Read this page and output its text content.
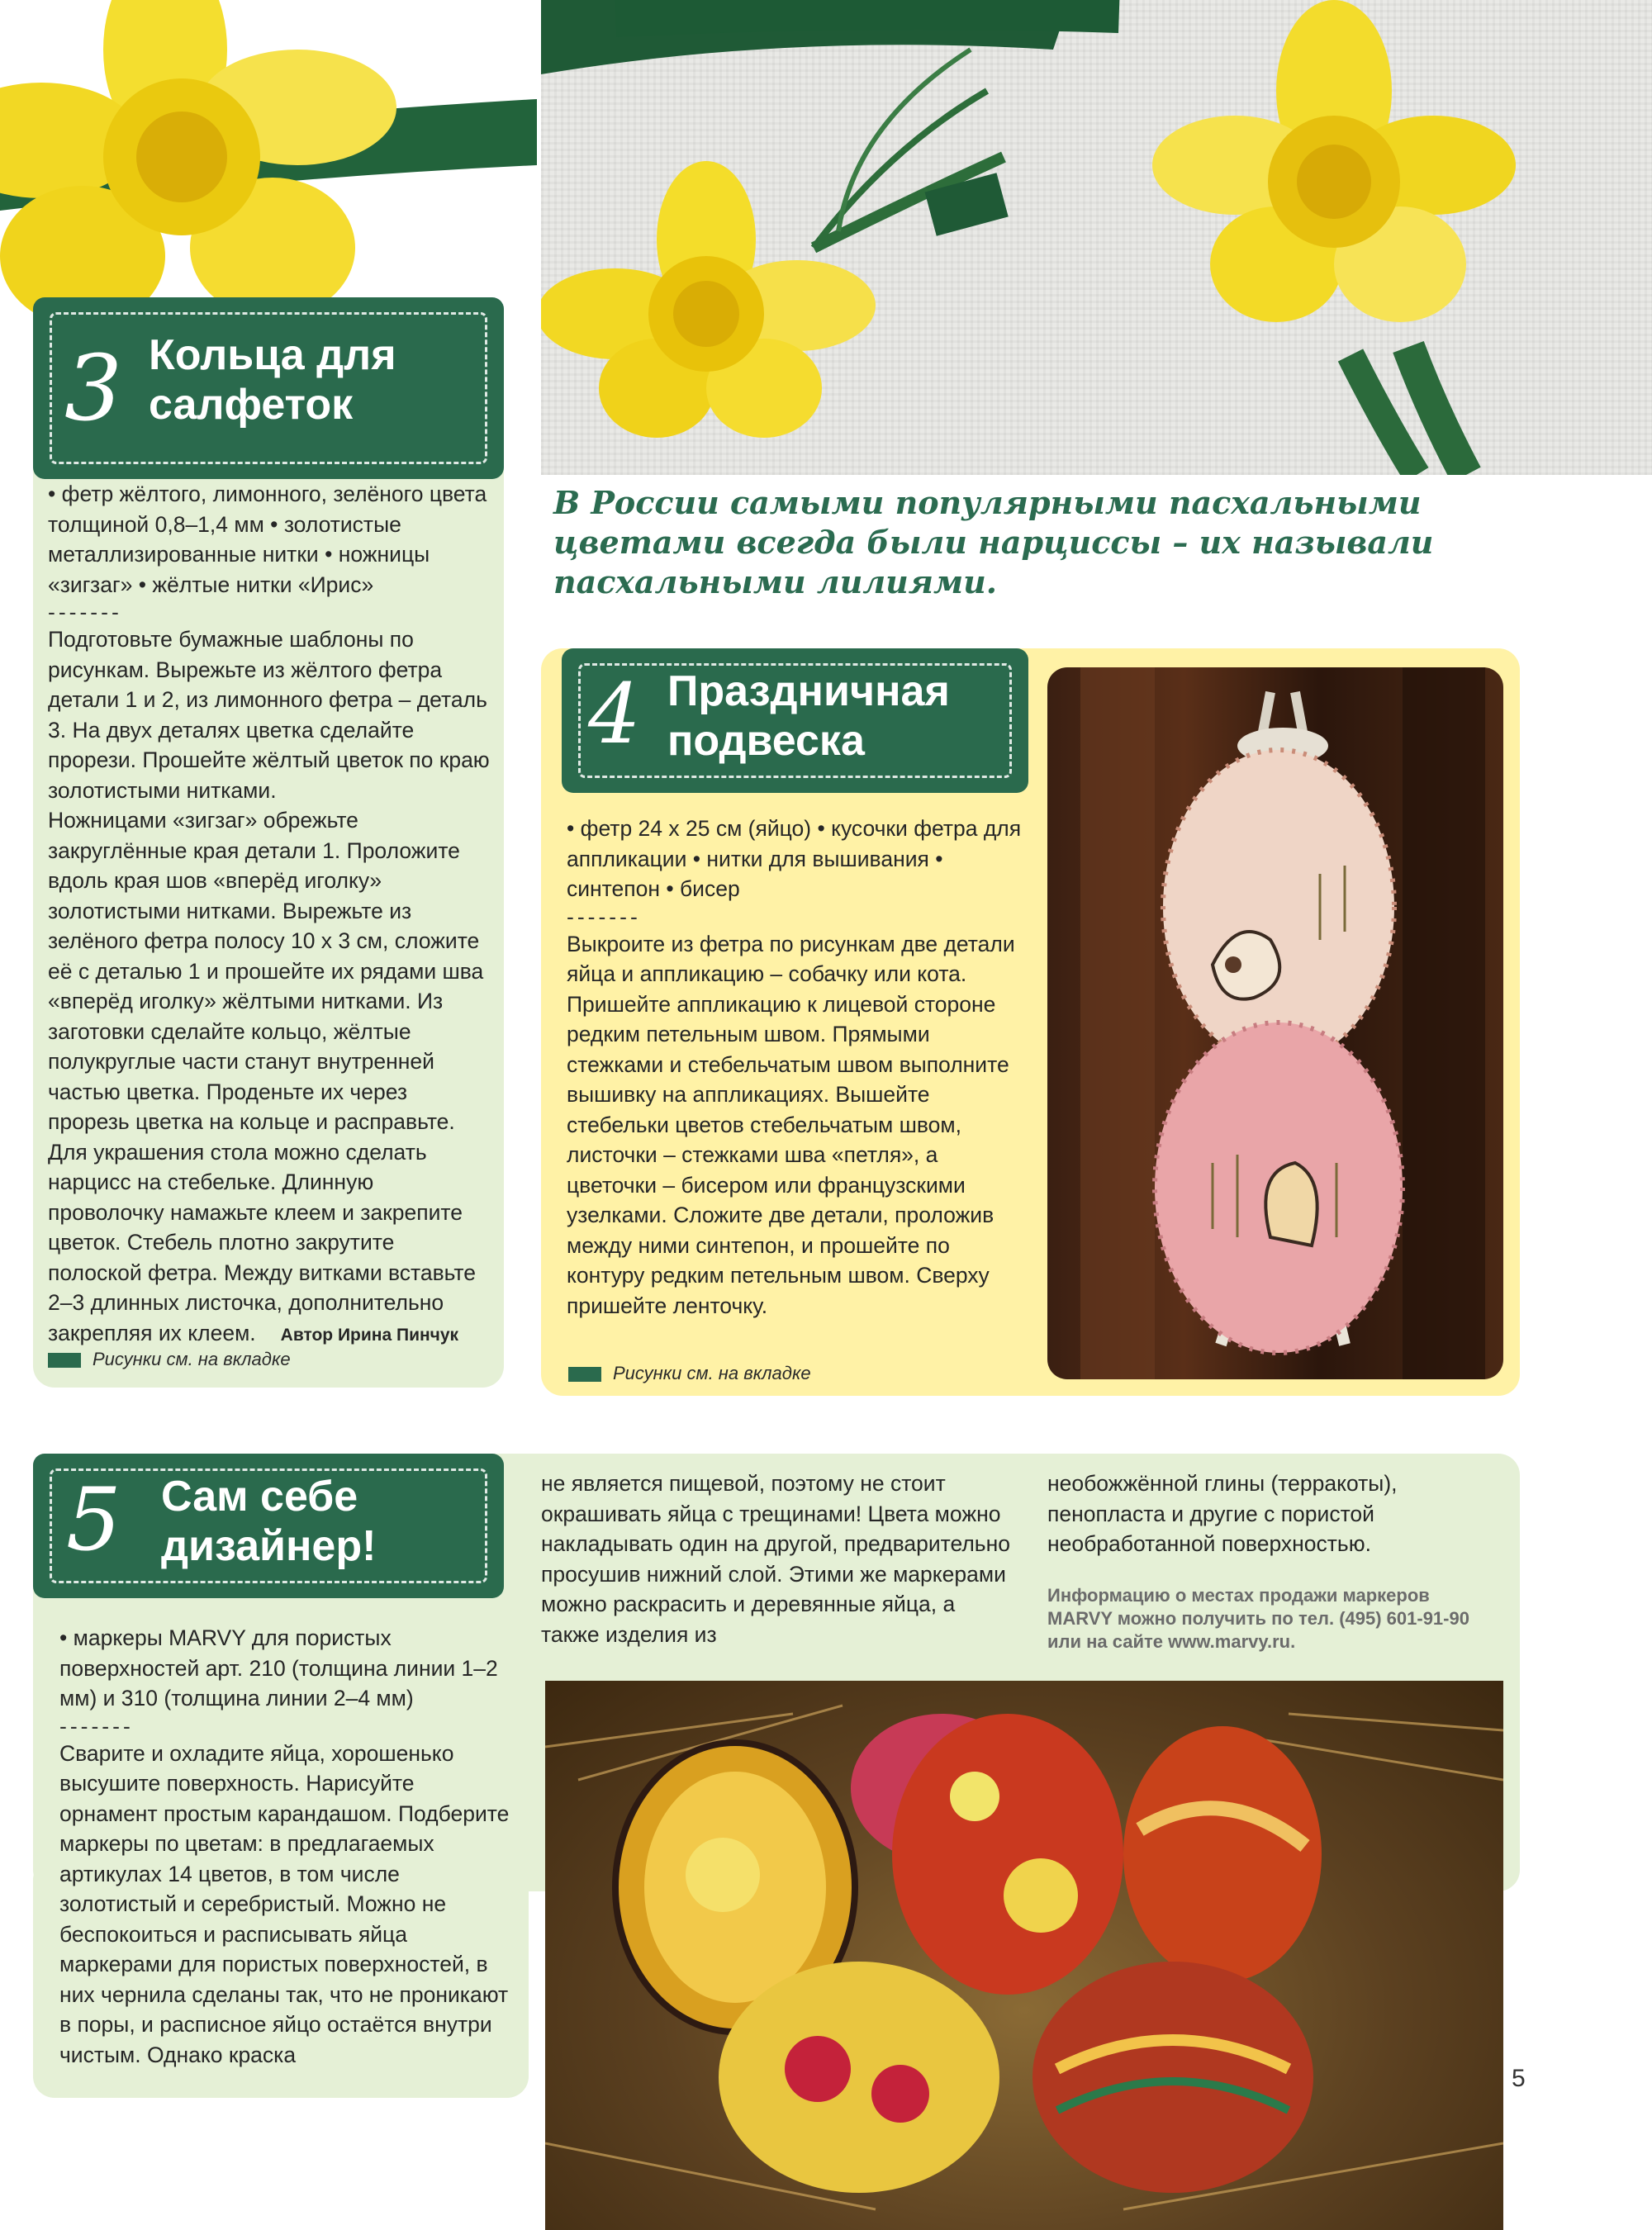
В России самыми популярными пасхальными цветами всегда были нарциссы – их называли пасхальными лилиями.
3 Кольца для
салфеток

• фетр жёлтого, лимонного, зелёного цвета толщиной 0,8–1,4 мм • золотистые металлизированные нитки • ножницы «зигзаг» • жёлтые нитки «Ирис»

-------

Подготовьте бумажные шаблоны по рисункам. Вырежьте из жёлтого фетра детали 1 и 2, из лимонного фетра – деталь 3. На двух деталях цветка сделайте прорези. Прошейте жёлтый цветок по краю золотистыми нитками.

Ножницами «зигзаг» обрежьте закруглённые края детали 1. Проложите вдоль края шов «вперёд иголку» золотистыми нитками. Вырежьте из зелёного фетра полосу 10 х 3 см, сложите её с деталью 1 и прошейте их рядами шва «вперёд иголку» жёлтыми нитками. Из заготовки сделайте кольцо, жёлтые полукруглые части станут внутренней частью цветка. Проденьте их через прорезь цветка на кольце и расправьте.

Для украшения стола можно сделать нарцисс на стебельке. Длинную проволочку намажьте клеем и закрепите цветок. Стебель плотно закрутите полоской фетра. Между витками вставьте 2–3 длинных листочка, дополнительно закрепляя их клеем. Автор Ирина Пинчук

Рисунки см. на вкладке
4 Праздничная
подвеска

• фетр 24 х 25 см (яйцо) • кусочки фетра для аппликации • нитки для вышивания • синтепон • бисер

-------

Выкроите из фетра по рисункам две детали яйца и аппликацию – собачку или кота. Пришейте аппликацию к лицевой стороне редким петельным швом. Прямыми стежками и стебельчатым швом выполните вышивку на аппликациях. Вышейте стебельки цветов стебельчатым швом, листочки – стежками шва «петля», а цветочки – бисером или французскими узелками. Сложите две детали, проложив между ними синтепон, и прошейте по контуру редким петельным швом. Сверху пришейте ленточку.

Рисунки см. на вкладке
5 Сам себе
дизайнер!

• маркеры MARVY для пористых поверхностей арт. 210 (толщина линии 1–2 мм) и 310 (толщина линии 2–4 мм)

-------

Сварите и охладите яйца, хорошенько высушите поверхность. Нарисуйте орнамент простым карандашом. Подберите маркеры по цветам: в предлагаемых артикулах 14 цветов, в том числе золотистый и серебристый. Можно не беспокоиться и расписывать яйца маркерами для пористых поверхностей, в них чернила сделаны так, что не проникают в поры, и расписное яйцо остаётся внутри чистым. Однако краска

не является пищевой, поэтому не стоит окрашивать яйца с трещинами! Цвета можно накладывать один на другой, предварительно просушив нижний слой. Этими же маркерами можно раскрасить и деревянные яйца, а также изделия из

необожжённой глины (терракоты), пенопласта и другие с пористой необработанной поверхностью.

Информацию о местах продажи маркеров MARVY можно получить по тел. (495) 601-91-90 или на сайте www.marvy.ru.
5
